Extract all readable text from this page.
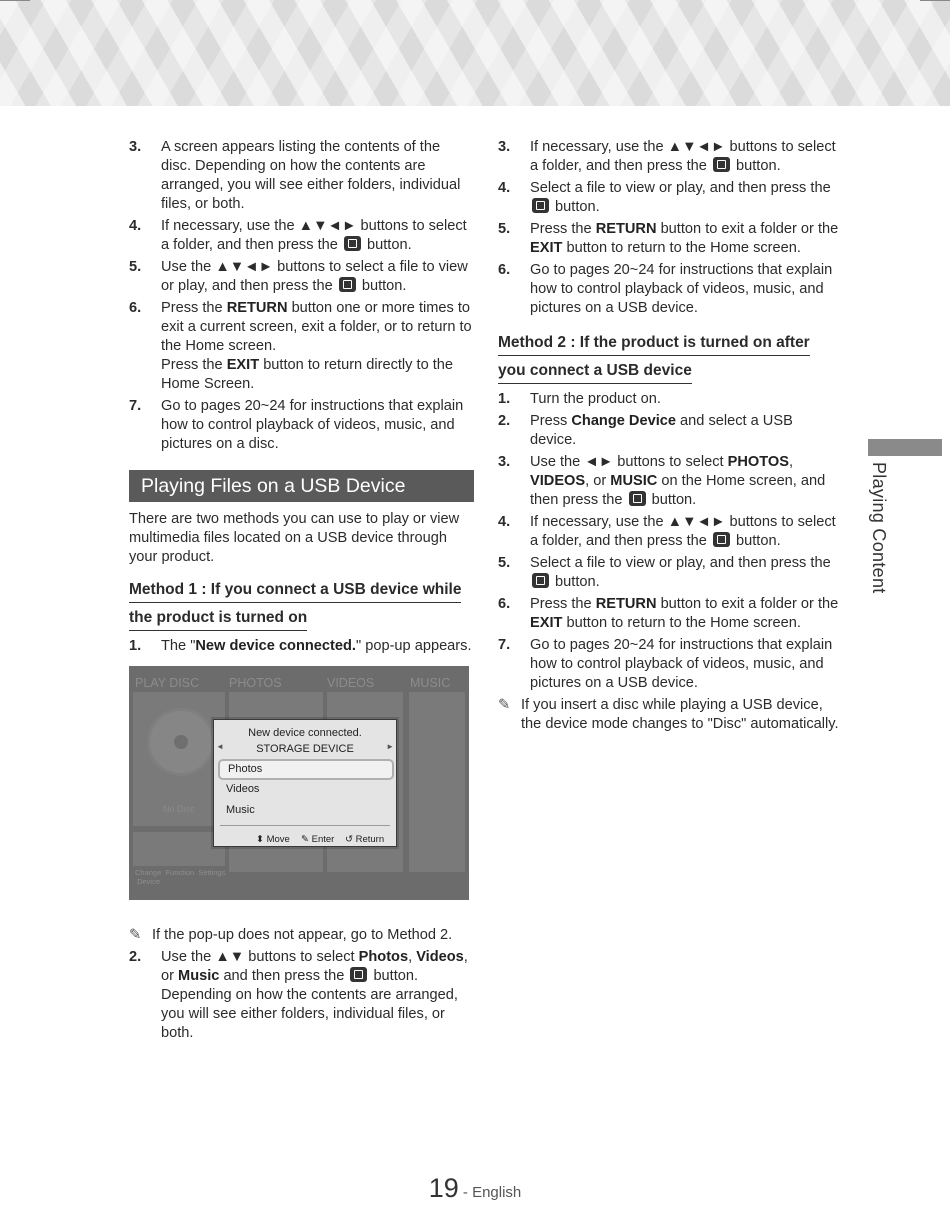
3. A screen appears listing the contents of the disc. Depending on how the contents are arranged, you will see either folders, individual files, or both.
4. If necessary, use the ▲▼◄► buttons to select a folder, and then press the  button.
5. Use the ▲▼◄► buttons to select a file to view or play, and then press the  button.
6. Press the RETURN button one or more times to exit a current screen, exit a folder, or to return to the Home screen.
Press the EXIT button to return directly to the Home Screen.
7. Go to pages 20~24 for instructions that explain how to control playback of videos, music, and pictures on a disc.
Playing Files on a USB Device
There are two methods you can use to play or view multimedia files located on a USB device through your product.
Method 1 : If you connect a USB device while
the product is turned on
1. The "New device connected." pop-up appears.
PLAY DISC PHOTOS	VIDEOS	MUSIC
No Disc
Change  Function  Settings
Device
◄	►
New device connected.
STORAGE DEVICE
Photos
Videos
Music
⬍ Move ✎ Enter ↺ Return
✎ If the pop-up does not appear, go to Method 2.
2. Use the ▲▼ buttons to select Photos, Videos, or Music and then press the  button. Depending on how the contents are arranged, you will see either folders, individual files, or both.
3. If necessary, use the ▲▼◄► buttons to select a folder, and then press the  button.
4. Select a file to view or play, and then press the  button.
5. Press the RETURN button to exit a folder or the EXIT button to return to the Home screen.
6. Go to pages 20~24 for instructions that explain how to control playback of videos, music, and pictures on a USB device.
Method 2 : If the product is turned on after
you connect a USB device
1. Turn the product on.
2. Press Change Device and select a USB device.
3. Use the ◄► buttons to select PHOTOS, VIDEOS, or MUSIC on the Home screen, and then press the  button.
4. If necessary, use the ▲▼◄► buttons to select a folder, and then press the  button.
5. Select a file to view or play, and then press the  button.
6. Press the RETURN button to exit a folder or the EXIT button to return to the Home screen.
7. Go to pages 20~24 for instructions that explain how to control playback of videos, music, and pictures on a USB device.
✎ If you insert a disc while playing a USB device, the device mode changes to "Disc" automatically.
Playing Content
19 - English
